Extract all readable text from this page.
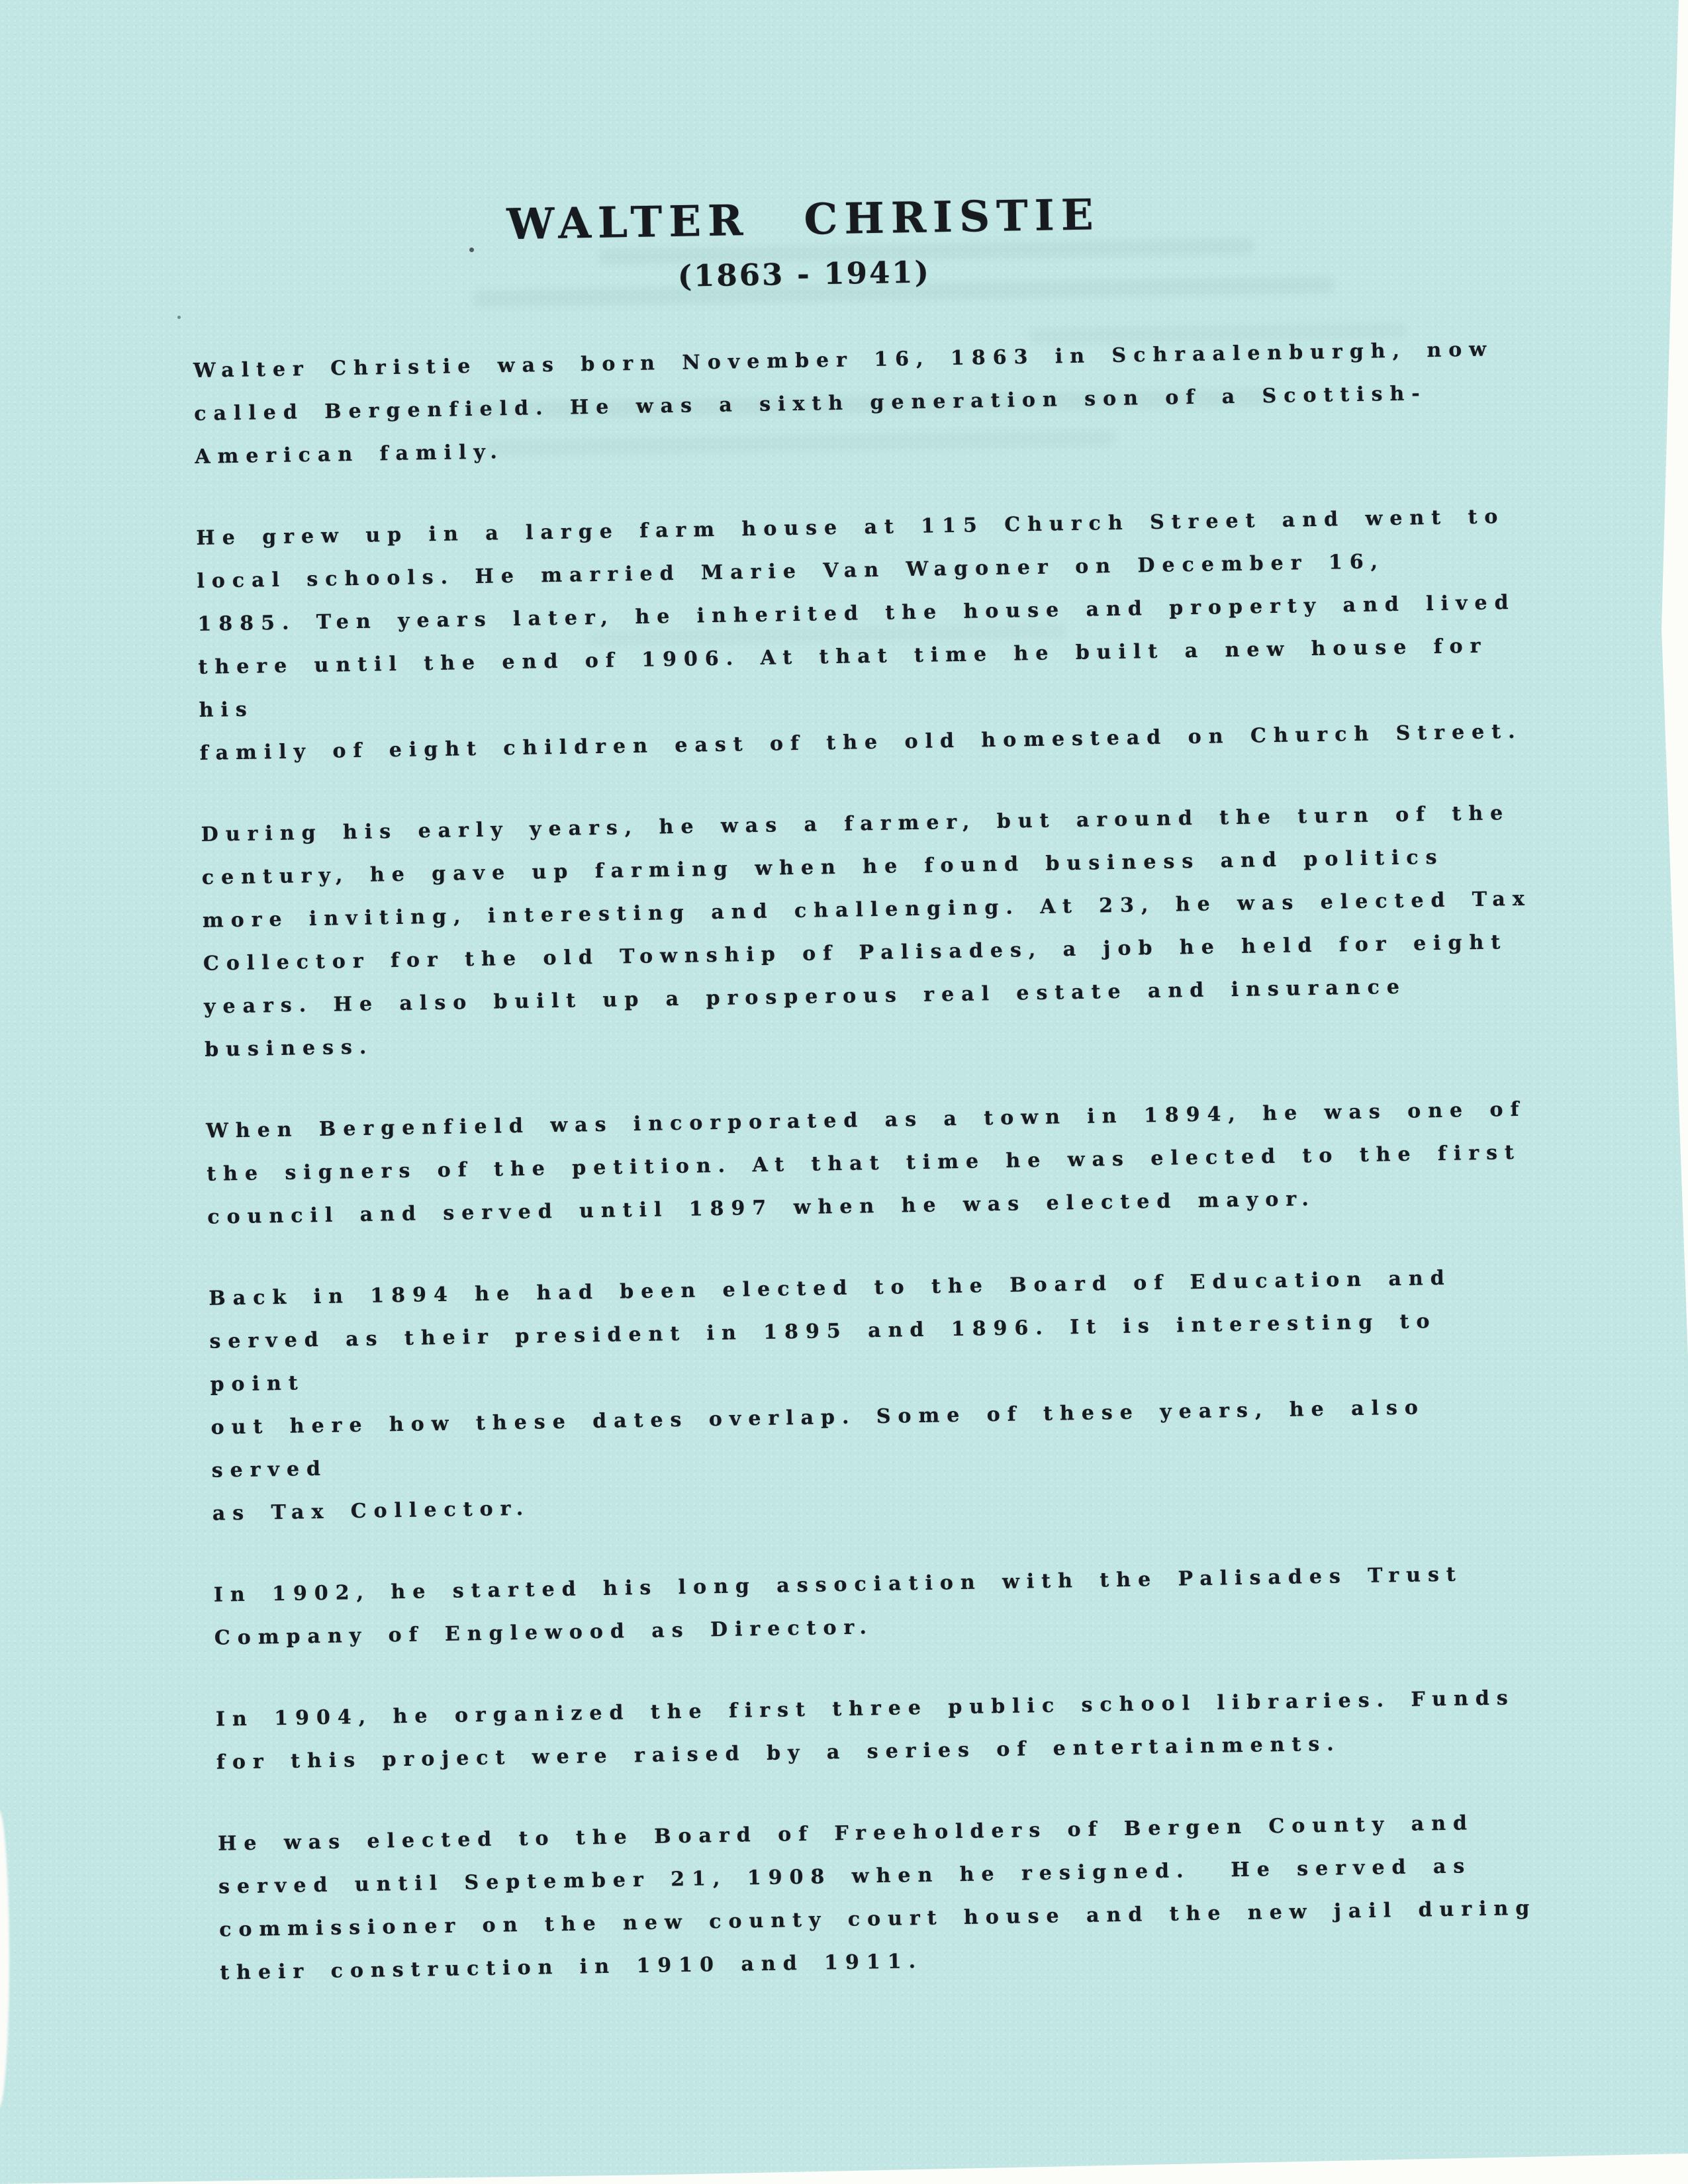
WALTER CHRISTIE
(1863 - 1941)

Walter Christie was born November 16, 1863 in Schraalenburgh, now
called Bergenfield. He was a sixth generation son of a Scottish-
American family.

He grew up in a large farm house at 115 Church Street and went to
local schools. He married Marie Van Wagoner on December 16,
1885. Ten years later, he inherited the house and property and lived
there until the end of 1906. At that time he built a new house for his
family of eight children east of the old homestead on Church Street.

During his early years, he was a farmer, but around the turn of the
century, he gave up farming when he found business and politics
more inviting, interesting and challenging. At 23, he was elected Tax
Collector for the old Township of Palisades, a job he held for eight
years. He also built up a prosperous real estate and insurance
business.

When Bergenfield was incorporated as a town in 1894, he was one of
the signers of the petition. At that time he was elected to the first
council and served until 1897 when he was elected mayor.

Back in 1894 he had been elected to the Board of Education and
served as their president in 1895 and 1896. It is interesting to point
out here how these dates overlap. Some of these years, he also served
as Tax Collector.

In 1902, he started his long association with the Palisades Trust
Company of Englewood as Director.

In 1904, he organized the first three public school libraries. Funds
for this project were raised by a series of entertainments.

He was elected to the Board of Freeholders of Bergen County and
served until September 21, 1908 when he resigned.  He served as
commissioner on the new county court house and the new jail during
their construction in 1910 and 1911.
